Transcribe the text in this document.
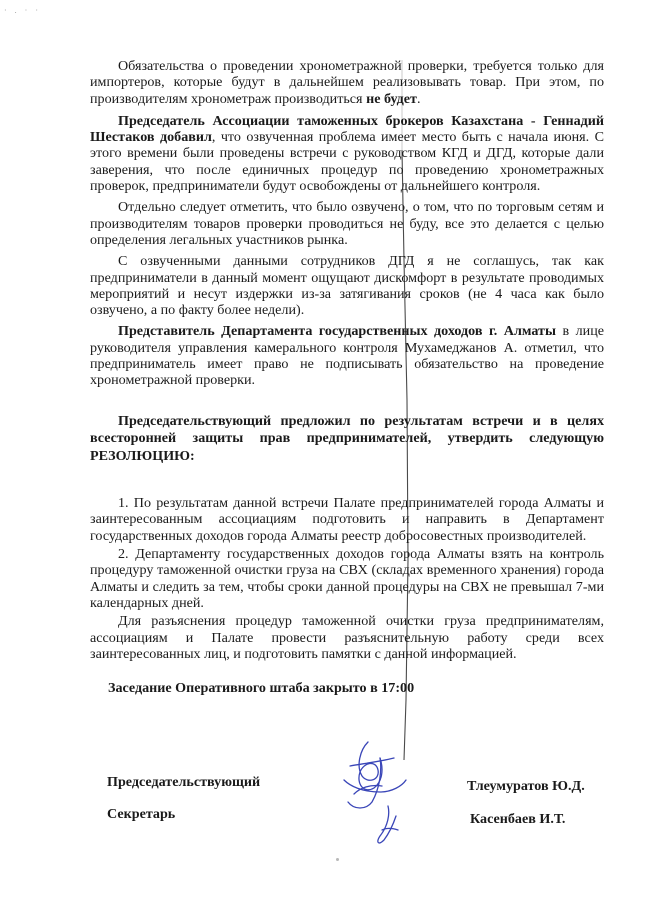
· . · ·

Обязательства о проведении хронометражной проверки, требуется только для импортеров, которые будут в дальнейшем реализовывать товар. При этом, по производителям хронометраж производиться не будет.

Председатель Ассоциации таможенных брокеров Казахстана - Геннадий Шестаков добавил, что озвученная проблема имеет место быть с начала июня. С этого времени были проведены встречи с руководством КГД и ДГД, которые дали заверения, что после единичных процедур по проведению хронометражных проверок, предприниматели будут освобождены от дальнейшего контроля.

Отдельно следует отметить, что было озвучено, о том, что по торговым сетям и производителям товаров проверки проводиться не буду, все это делается с целью определения легальных участников рынка.

С озвученными данными сотрудников ДГД я не соглашусь, так как предприниматели в данный момент ощущают дискомфорт в результате проводимых мероприятий и несут издержки из-за затягивания сроков (не 4 часа как было озвучено, а по факту более недели).

Представитель Департамента государственных доходов г. Алматы в лице руководителя управления камерального контроля Мухамеджанов А. отметил, что предприниматель имеет право не подписывать обязательство на проведение хронометражной проверки.

Председательствующий предложил по результатам встречи и в целях всесторонней защиты прав предпринимателей, утвердить следующую РЕЗОЛЮЦИЮ:

1. По результатам данной встречи Палате предпринимателей города Алматы и заинтересованным ассоциациям подготовить и направить в Департамент государственных доходов города Алматы реестр добросовестных производителей.

2. Департаменту государственных доходов города Алматы взять на контроль процедуру таможенной очистки груза на СВХ (складах временного хранения) города Алматы и следить за тем, чтобы сроки данной процедуры на СВХ не превышал 7-ми календарных дней.

Для разъяснения процедур таможенной очистки груза предпринимателям, ассоциациям и Палате провести разъяснительную работу среди всех заинтересованных лиц, и подготовить памятки с данной информацией.

Заседание Оперативного штаба закрыто в 17:00

Председательствующий	Тлеумуратов Ю.Д.
Секретарь	Касенбаев И.Т.
